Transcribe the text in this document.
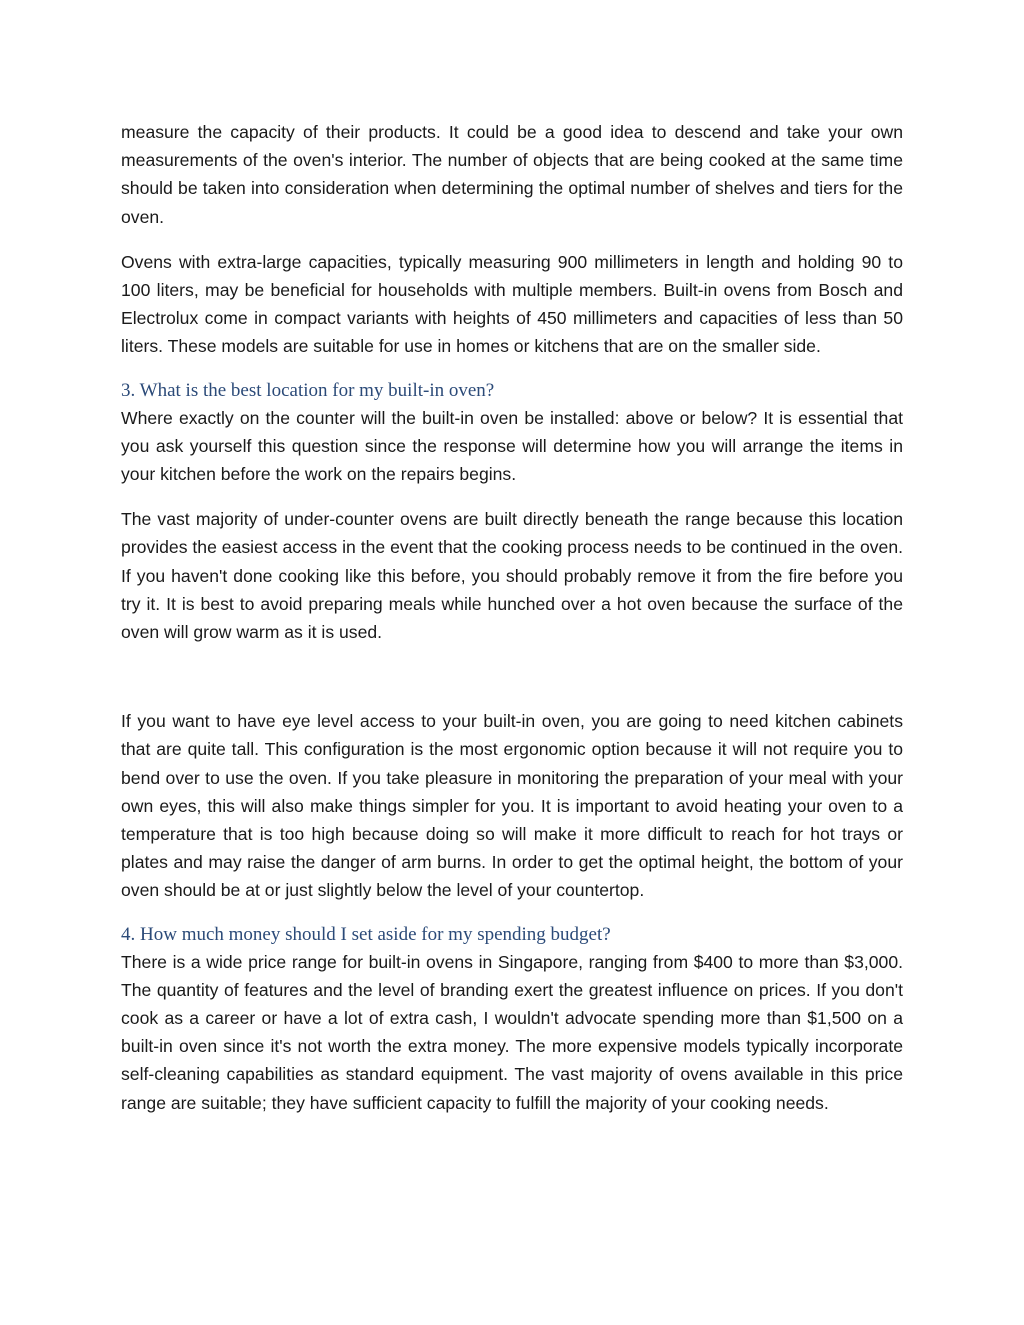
measure the capacity of their products. It could be a good idea to descend and take your own measurements of the oven's interior. The number of objects that are being cooked at the same time should be taken into consideration when determining the optimal number of shelves and tiers for the oven.

Ovens with extra-large capacities, typically measuring 900 millimeters in length and holding 90 to 100 liters, may be beneficial for households with multiple members. Built-in ovens from Bosch and Electrolux come in compact variants with heights of 450 millimeters and capacities of less than 50 liters. These models are suitable for use in homes or kitchens that are on the smaller side.

3. What is the best location for my built-in oven?

Where exactly on the counter will the built-in oven be installed: above or below? It is essential that you ask yourself this question since the response will determine how you will arrange the items in your kitchen before the work on the repairs begins.

The vast majority of under-counter ovens are built directly beneath the range because this location provides the easiest access in the event that the cooking process needs to be continued in the oven. If you haven't done cooking like this before, you should probably remove it from the fire before you try it. It is best to avoid preparing meals while hunched over a hot oven because the surface of the oven will grow warm as it is used.

If you want to have eye level access to your built-in oven, you are going to need kitchen cabinets that are quite tall. This configuration is the most ergonomic option because it will not require you to bend over to use the oven. If you take pleasure in monitoring the preparation of your meal with your own eyes, this will also make things simpler for you. It is important to avoid heating your oven to a temperature that is too high because doing so will make it more difficult to reach for hot trays or plates and may raise the danger of arm burns. In order to get the optimal height, the bottom of your oven should be at or just slightly below the level of your countertop.

4. How much money should I set aside for my spending budget?

There is a wide price range for built-in ovens in Singapore, ranging from $400 to more than $3,000. The quantity of features and the level of branding exert the greatest influence on prices. If you don't cook as a career or have a lot of extra cash, I wouldn't advocate spending more than $1,500 on a built-in oven since it's not worth the extra money. The more expensive models typically incorporate self-cleaning capabilities as standard equipment. The vast majority of ovens available in this price range are suitable; they have sufficient capacity to fulfill the majority of your cooking needs.
